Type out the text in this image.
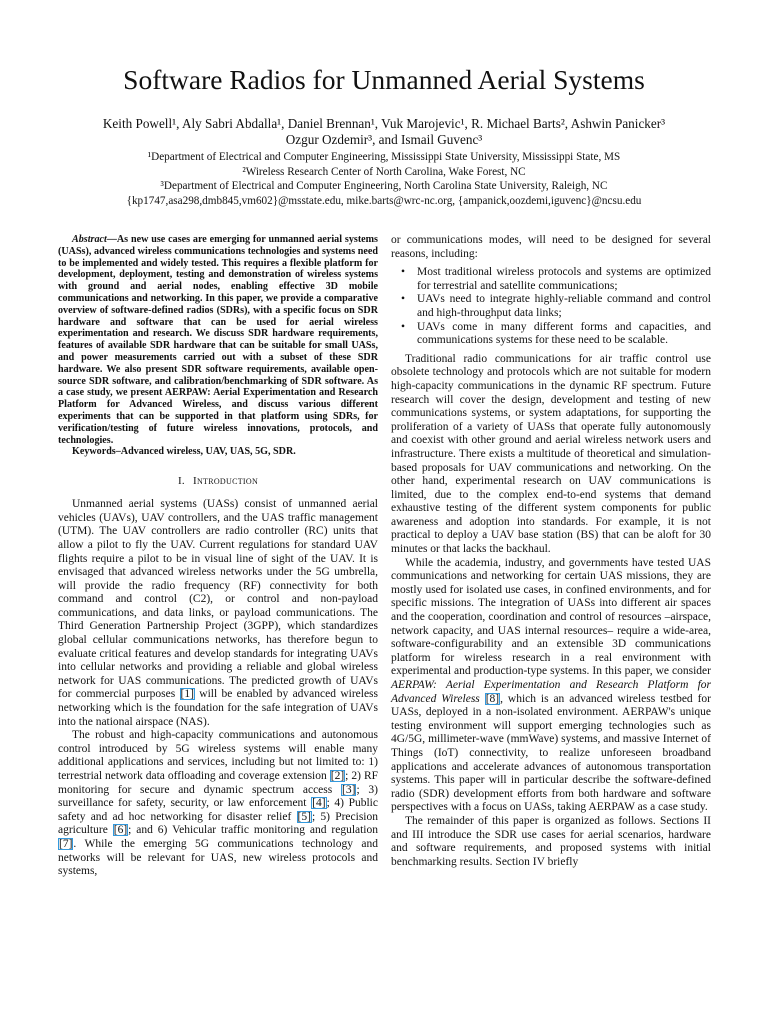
Software Radios for Unmanned Aerial Systems
Keith Powell¹, Aly Sabri Abdalla¹, Daniel Brennan¹, Vuk Marojevic¹, R. Michael Barts², Ashwin Panicker³
Ozgur Ozdemir³, and Ismail Guvenc³
¹Department of Electrical and Computer Engineering, Mississippi State University, Mississippi State, MS
²Wireless Research Center of North Carolina, Wake Forest, NC
³Department of Electrical and Computer Engineering, North Carolina State University, Raleigh, NC
{kp1747,asa298,dmb845,vm602}@msstate.edu, mike.barts@wrc-nc.org, {ampanick,oozdemi,iguvenc}@ncsu.edu

Abstract—As new use cases are emerging for unmanned aerial systems (UASs), advanced wireless communications technologies and systems need to be implemented and widely tested. This requires a flexible platform for development, deployment, testing and demonstration of wireless systems with ground and aerial nodes, enabling effective 3D mobile communications and networking. In this paper, we provide a comparative overview of software-defined radios (SDRs), with a specific focus on SDR hardware and software that can be used for aerial wireless experimentation and research. We discuss SDR hardware requirements, features of available SDR hardware that can be suitable for small UASs, and power measurements carried out with a subset of these SDR hardware. We also present SDR software requirements, available open-source SDR software, and calibration/benchmarking of SDR software. As a case study, we present AERPAW: Aerial Experimentation and Research Platform for Advanced Wireless, and discuss various different experiments that can be supported in that platform using SDRs, for verification/testing of future wireless innovations, protocols, and technologies.

Keywords–Advanced wireless, UAV, UAS, 5G, SDR.

I. Introduction

Unmanned aerial systems (UASs) consist of unmanned aerial vehicles (UAVs), UAV controllers, and the UAS traffic management (UTM). The UAV controllers are radio controller (RC) units that allow a pilot to fly the UAV. Current regulations for standard UAV flights require a pilot to be in visual line of sight of the UAV. It is envisaged that advanced wireless networks under the 5G umbrella, will provide the radio frequency (RF) connectivity for both command and control (C2), or control and non-payload communications, and data links, or payload communications. The Third Generation Partnership Project (3GPP), which standardizes global cellular communications networks, has therefore begun to evaluate critical features and develop standards for integrating UAVs into cellular networks and providing a reliable and global wireless network for UAS communications. The predicted growth of UAVs for commercial purposes [1] will be enabled by advanced wireless networking which is the foundation for the safe integration of UAVs into the national airspace (NAS).

The robust and high-capacity communications and autonomous control introduced by 5G wireless systems will enable many additional applications and services, including but not limited to: 1) terrestrial network data offloading and coverage extension [2]; 2) RF monitoring for secure and dynamic spectrum access [3]; 3) surveillance for safety, security, or law enforcement [4]; 4) Public safety and ad hoc networking for disaster relief [5]; 5) Precision agriculture [6]; and 6) Vehicular traffic monitoring and regulation [7]. While the emerging 5G communications technology and networks will be relevant for UAS, new wireless protocols and systems,

or communications modes, will need to be designed for several reasons, including:

• Most traditional wireless protocols and systems are optimized for terrestrial and satellite communications;
• UAVs need to integrate highly-reliable command and control and high-throughput data links;
• UAVs come in many different forms and capacities, and communications systems for these need to be scalable.

Traditional radio communications for air traffic control use obsolete technology and protocols which are not suitable for modern high-capacity communications in the dynamic RF spectrum. Future research will cover the design, development and testing of new communications systems, or system adaptations, for supporting the proliferation of a variety of UASs that operate fully autonomously and coexist with other ground and aerial wireless network users and infrastructure. There exists a multitude of theoretical and simulation-based proposals for UAV communications and networking. On the other hand, experimental research on UAV communications is limited, due to the complex end-to-end systems that demand exhaustive testing of the different system components for public awareness and adoption into standards. For example, it is not practical to deploy a UAV base station (BS) that can be aloft for 30 minutes or that lacks the backhaul.

While the academia, industry, and governments have tested UAS communications and networking for certain UAS missions, they are mostly used for isolated use cases, in confined environments, and for specific missions. The integration of UASs into different air spaces and the cooperation, coordination and control of resources –airspace, network capacity, and UAS internal resources– require a wide-area, software-configurability and an extensible 3D communications platform for wireless research in a real environment with experimental and production-type systems. In this paper, we consider AERPAW: Aerial Experimentation and Research Platform for Advanced Wireless [8], which is an advanced wireless testbed for UASs, deployed in a non-isolated environment. AERPAW's unique testing environment will support emerging technologies such as 4G/5G, millimeter-wave (mmWave) systems, and massive Internet of Things (IoT) connectivity, to realize unforeseen broadband applications and accelerate advances of autonomous transportation systems. This paper will in particular describe the software-defined radio (SDR) development efforts from both hardware and software perspectives with a focus on UASs, taking AERPAW as a case study.

The remainder of this paper is organized as follows. Sections II and III introduce the SDR use cases for aerial scenarios, hardware and software requirements, and proposed systems with initial benchmarking results. Section IV briefly
